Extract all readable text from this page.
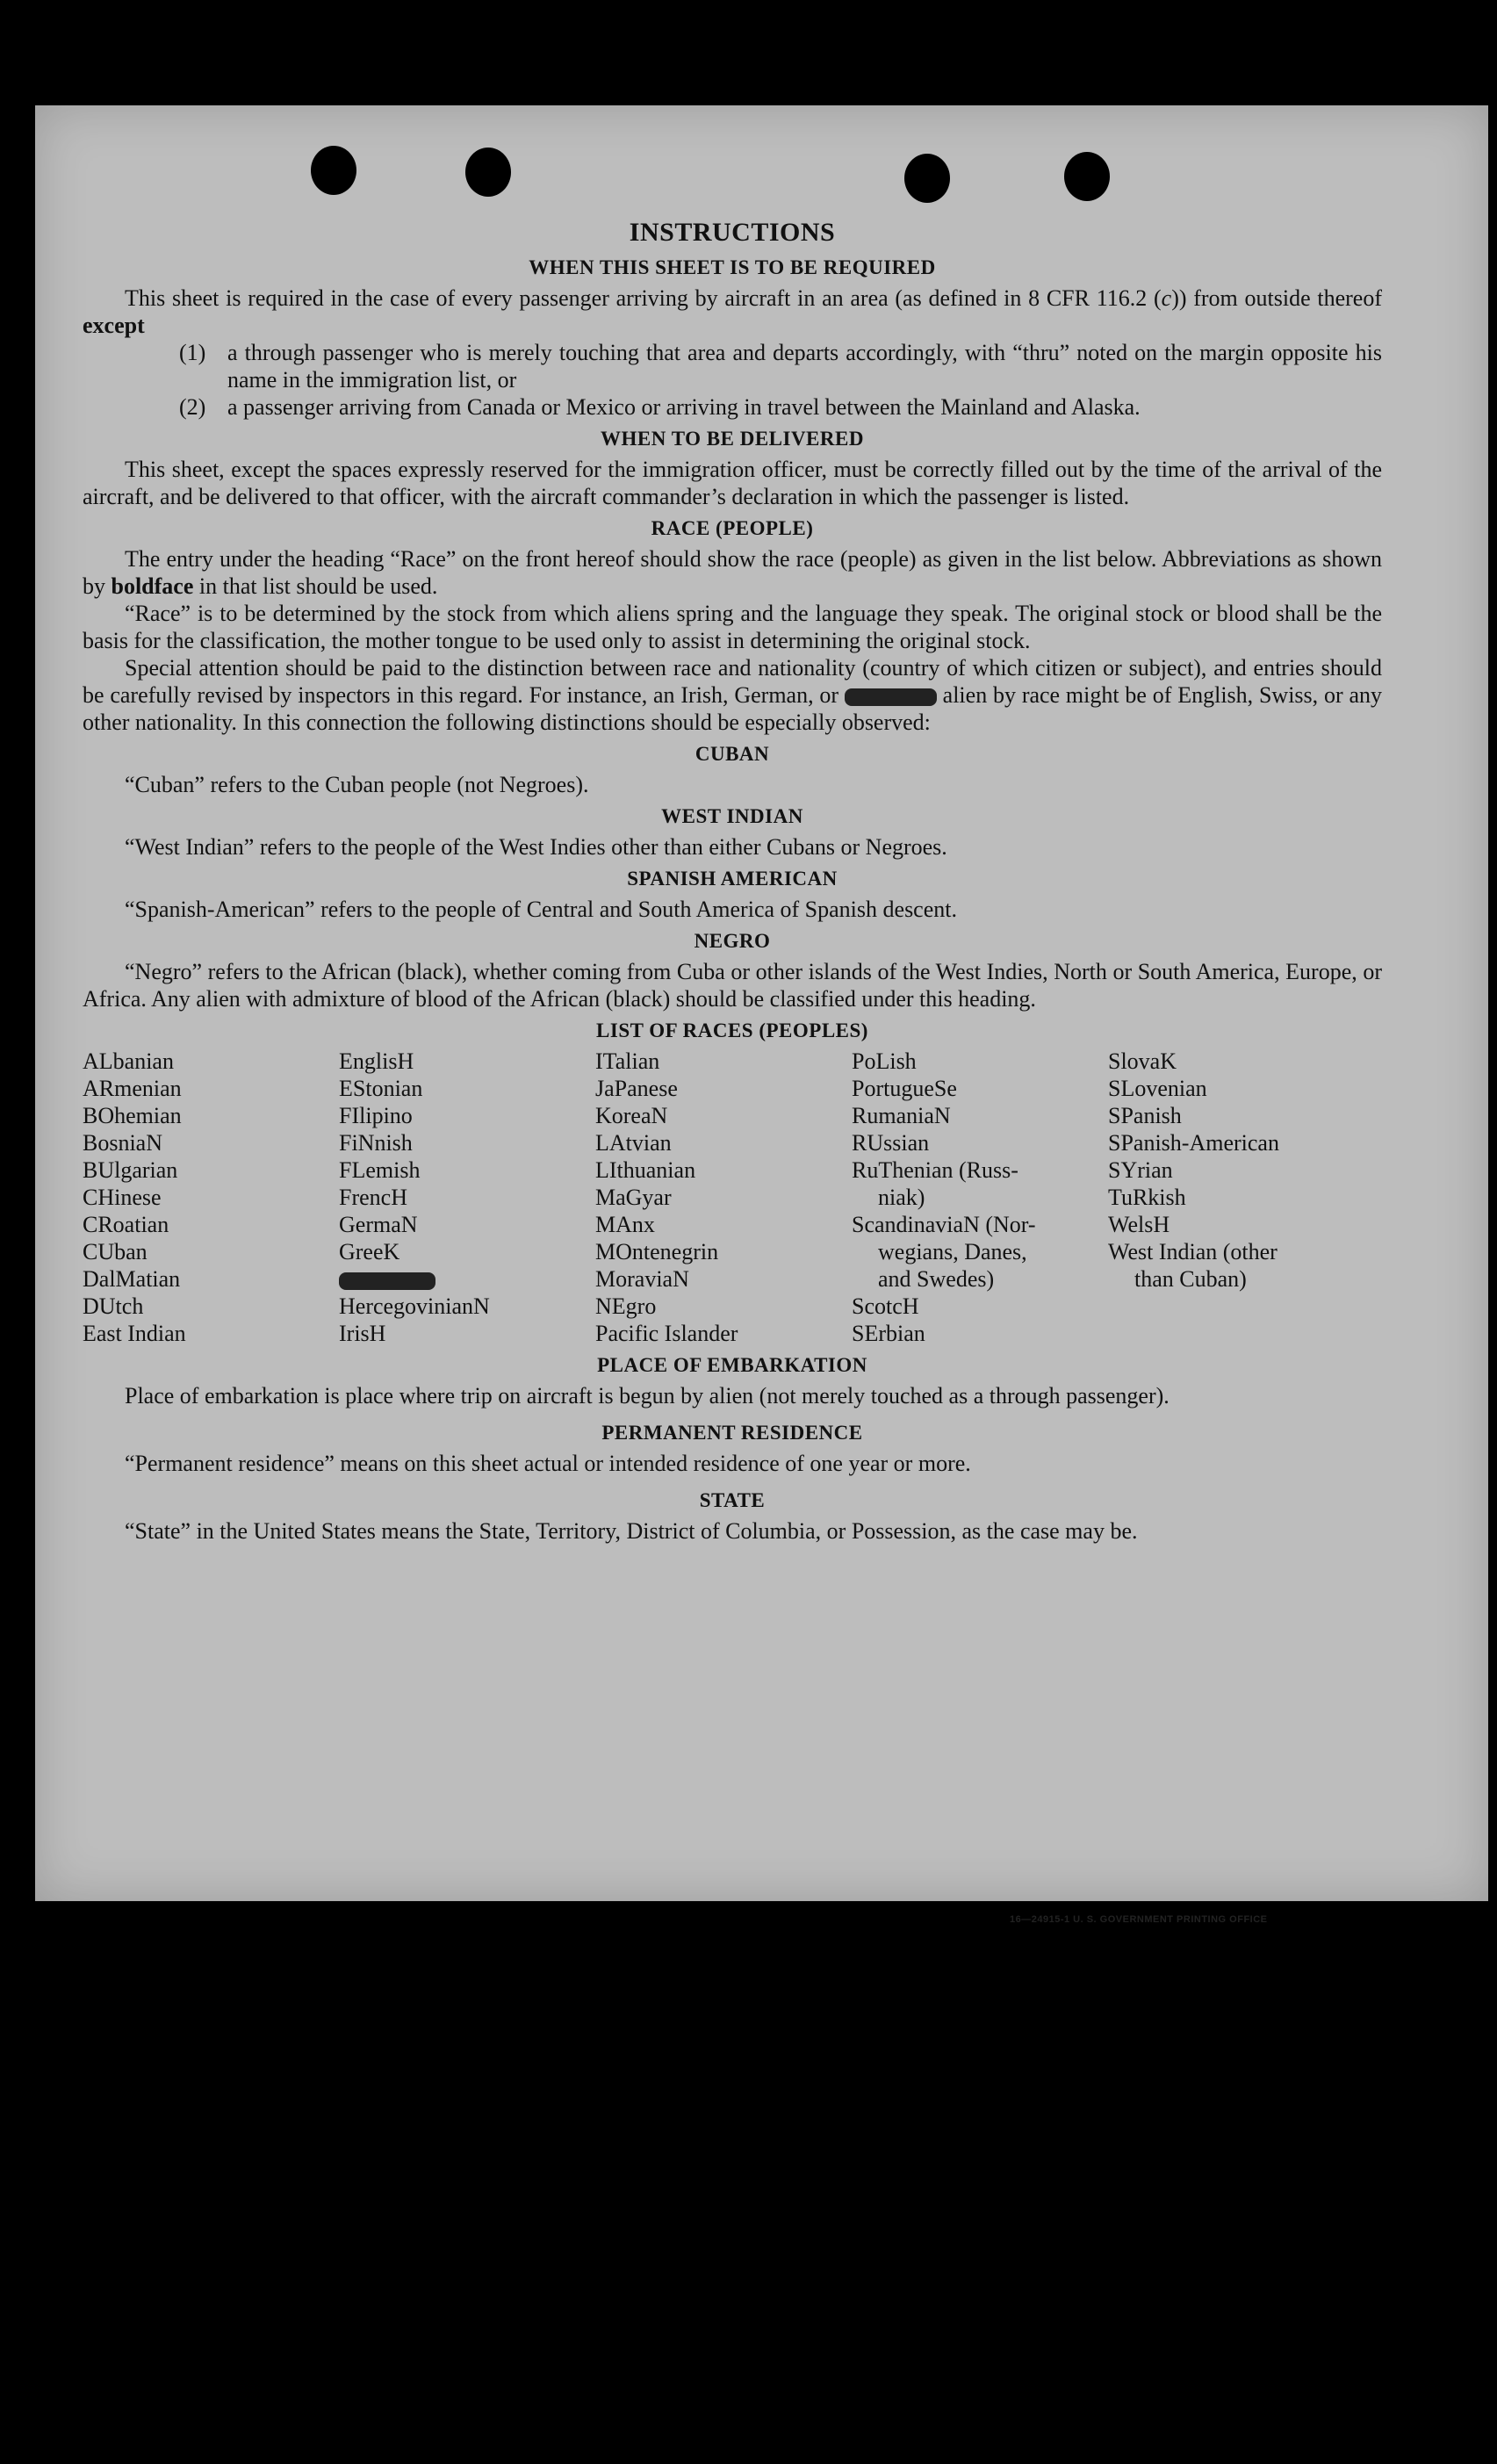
INSTRUCTIONS
WHEN THIS SHEET IS TO BE REQUIRED

This sheet is required in the case of every passenger arriving by aircraft in an area (as defined in 8 CFR 116.2 (c)) from outside thereof except

(1) a through passenger who is merely touching that area and departs accordingly, with “thru” noted on the margin opposite his name in the immigration list, or
(2) a passenger arriving from Canada or Mexico or arriving in travel between the Mainland and Alaska.
WHEN TO BE DELIVERED

This sheet, except the spaces expressly reserved for the immigration officer, must be correctly filled out by the time of the arrival of the aircraft, and be delivered to that officer, with the aircraft commander’s declaration in which the passenger is listed.

RACE (PEOPLE)

The entry under the heading “Race” on the front hereof should show the race (people) as given in the list below. Abbreviations as shown by boldface in that list should be used.

“Race” is to be determined by the stock from which aliens spring and the language they speak. The original stock or blood shall be the basis for the classification, the mother tongue to be used only to assist in determining the original stock.

Special attention should be paid to the distinction between race and nationality (country of which citizen or subject), and entries should be carefully revised by inspectors in this regard. For instance, an Irish, German, or	alien by race might be of English, Swiss, or any other nationality. In this connection the following distinctions should be especially observed:

CUBAN

“Cuban” refers to the Cuban people (not Negroes).

WEST INDIAN

“West Indian” refers to the people of the West Indies other than either Cubans or Negroes.

SPANISH AMERICAN

“Spanish-American” refers to the people of Central and South America of Spanish descent.

NEGRO

“Negro” refers to the African (black), whether coming from Cuba or other islands of the West Indies, North or South America, Europe, or Africa. Any alien with admixture of blood of the African (black) should be classified under this heading.

LIST OF RACES (PEOPLES)
ALbanian
ARmenian
BOhemian
BosniaN
BUlgarian
CHinese
CRoatian
CUban
DalMatian
DUtch
East Indian
EnglisH
EStonian
FIlipino
FiNnish
FLemish
FrencH
GermaN
GreeK
HercegovinianN
IrisH
ITalian
JaPanese
KoreaN
LAtvian
LIthuanian
MaGyar
MAnx
MOntenegrin
MoraviaN
NEgro
Pacific Islander
PoLish
PortugueSe
RumaniaN
RUssian
RuThenian (Russ-
niak)
ScandinaviaN (Nor-
wegians, Danes,
and Swedes)
ScotcH
SErbian
SlovaK
SLovenian
SPanish
SPanish-American
SYrian
TuRkish
WelsH
West Indian (other
than Cuban)
PLACE OF EMBARKATION

Place of embarkation is place where trip on aircraft is begun by alien (not merely touched as a through passenger).

PERMANENT RESIDENCE

“Permanent residence” means on this sheet actual or intended residence of one year or more.

STATE

“State” in the United States means the State, Territory, District of Columbia, or Possession, as the case may be.

16—24915-1 U. S. GOVERNMENT PRINTING OFFICE
